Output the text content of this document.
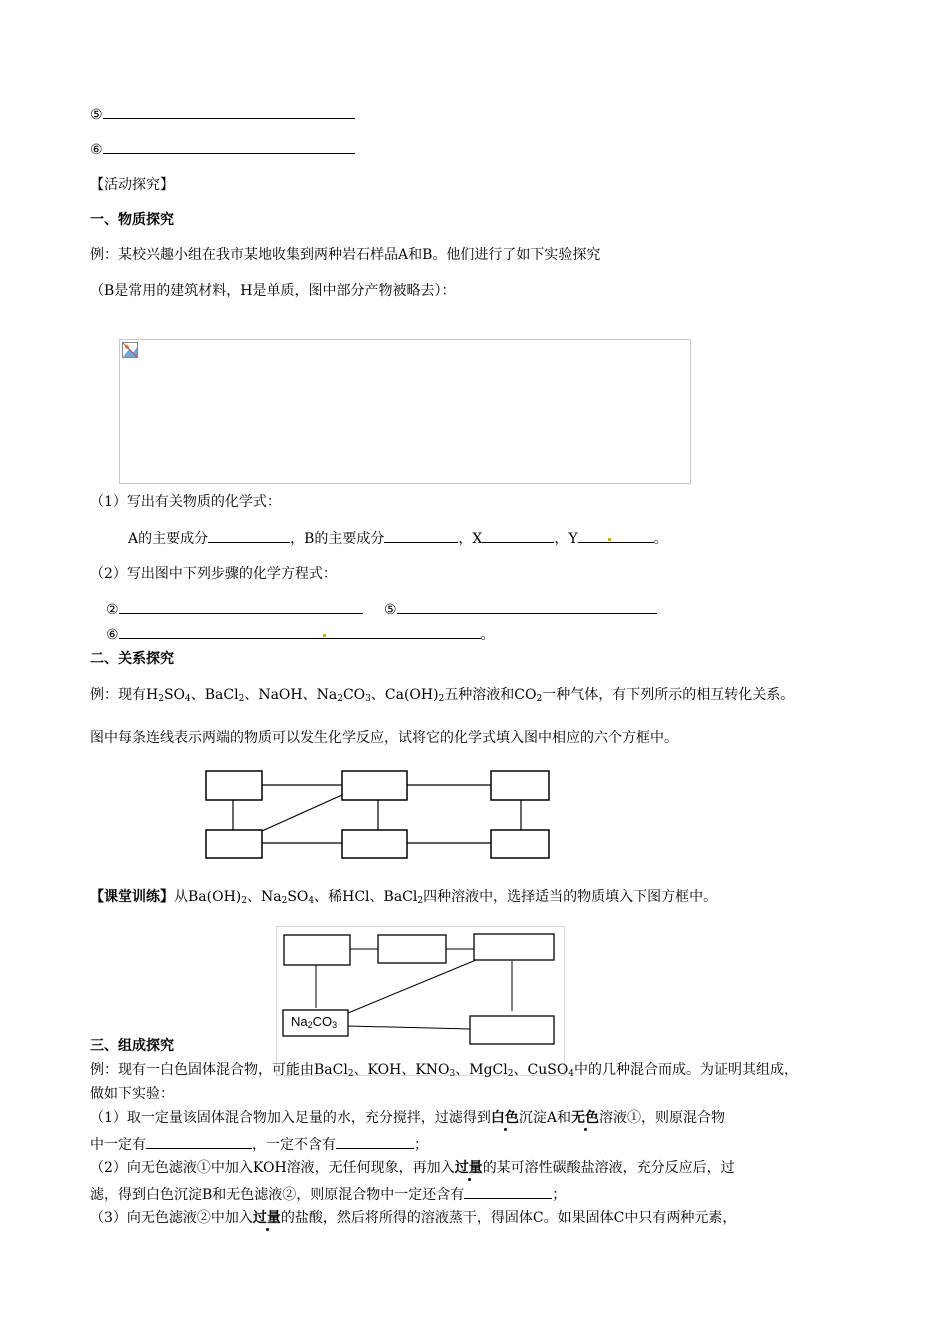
⑤
⑥
【活动探究】
一、物质探究
例：某校兴趣小组在我市某地收集到两种岩石样品A和B。他们进行了如下实验探究
（B是常用的建筑材料，H是单质，图中部分产物被略去）：
（1）写出有关物质的化学式：
A的主要成分	，B的主要成分	，X	，Y	。
（2）写出图中下列步骤的化学方程式：
②	⑤
⑥	。
二、关系探究
例：现有$H_2SO_4$、BaCl$_2$、NaOH、$Na_2CO_3$、$Ca(OH)_2$五种溶液和$CO_2$一种气体，有下列所示的相互转化关系。
图中每条连线表示两端的物质可以发生化学反应，试将它的化学式填入图中相应的六个方框中。
【课堂训练】从$Ba(OH)_2$、$Na_2SO_4$、稀HCl、BaCl$_2$四种溶液中，选择适当的物质填入下图方框中。
$Na_2CO_3$
三、组成探究
例：现有一白色固体混合物，可能由BaCl$_2$、KOH、$KNO_3$、MgCl$_2$、CuSO$_4$中的几种混合而成。为证明其组成，
做如下实验：
（1）取一定量该固体混合物加入足量的水，充分搅拌，过滤得到白色沉淀A和无色溶液①，则原混合物
中一定有	，一定不含有	；
（2）向无色滤液①中加入KOH溶液，无任何现象，再加入过量的某可溶性碳酸盐溶液，充分反应后，过
滤，得到白色沉淀B和无色滤液②，则原混合物中一定还含有	；
（3）向无色滤液②中加入过量的盐酸，然后将所得的溶液蒸干，得固体C。如果固体C中只有两种元素，
